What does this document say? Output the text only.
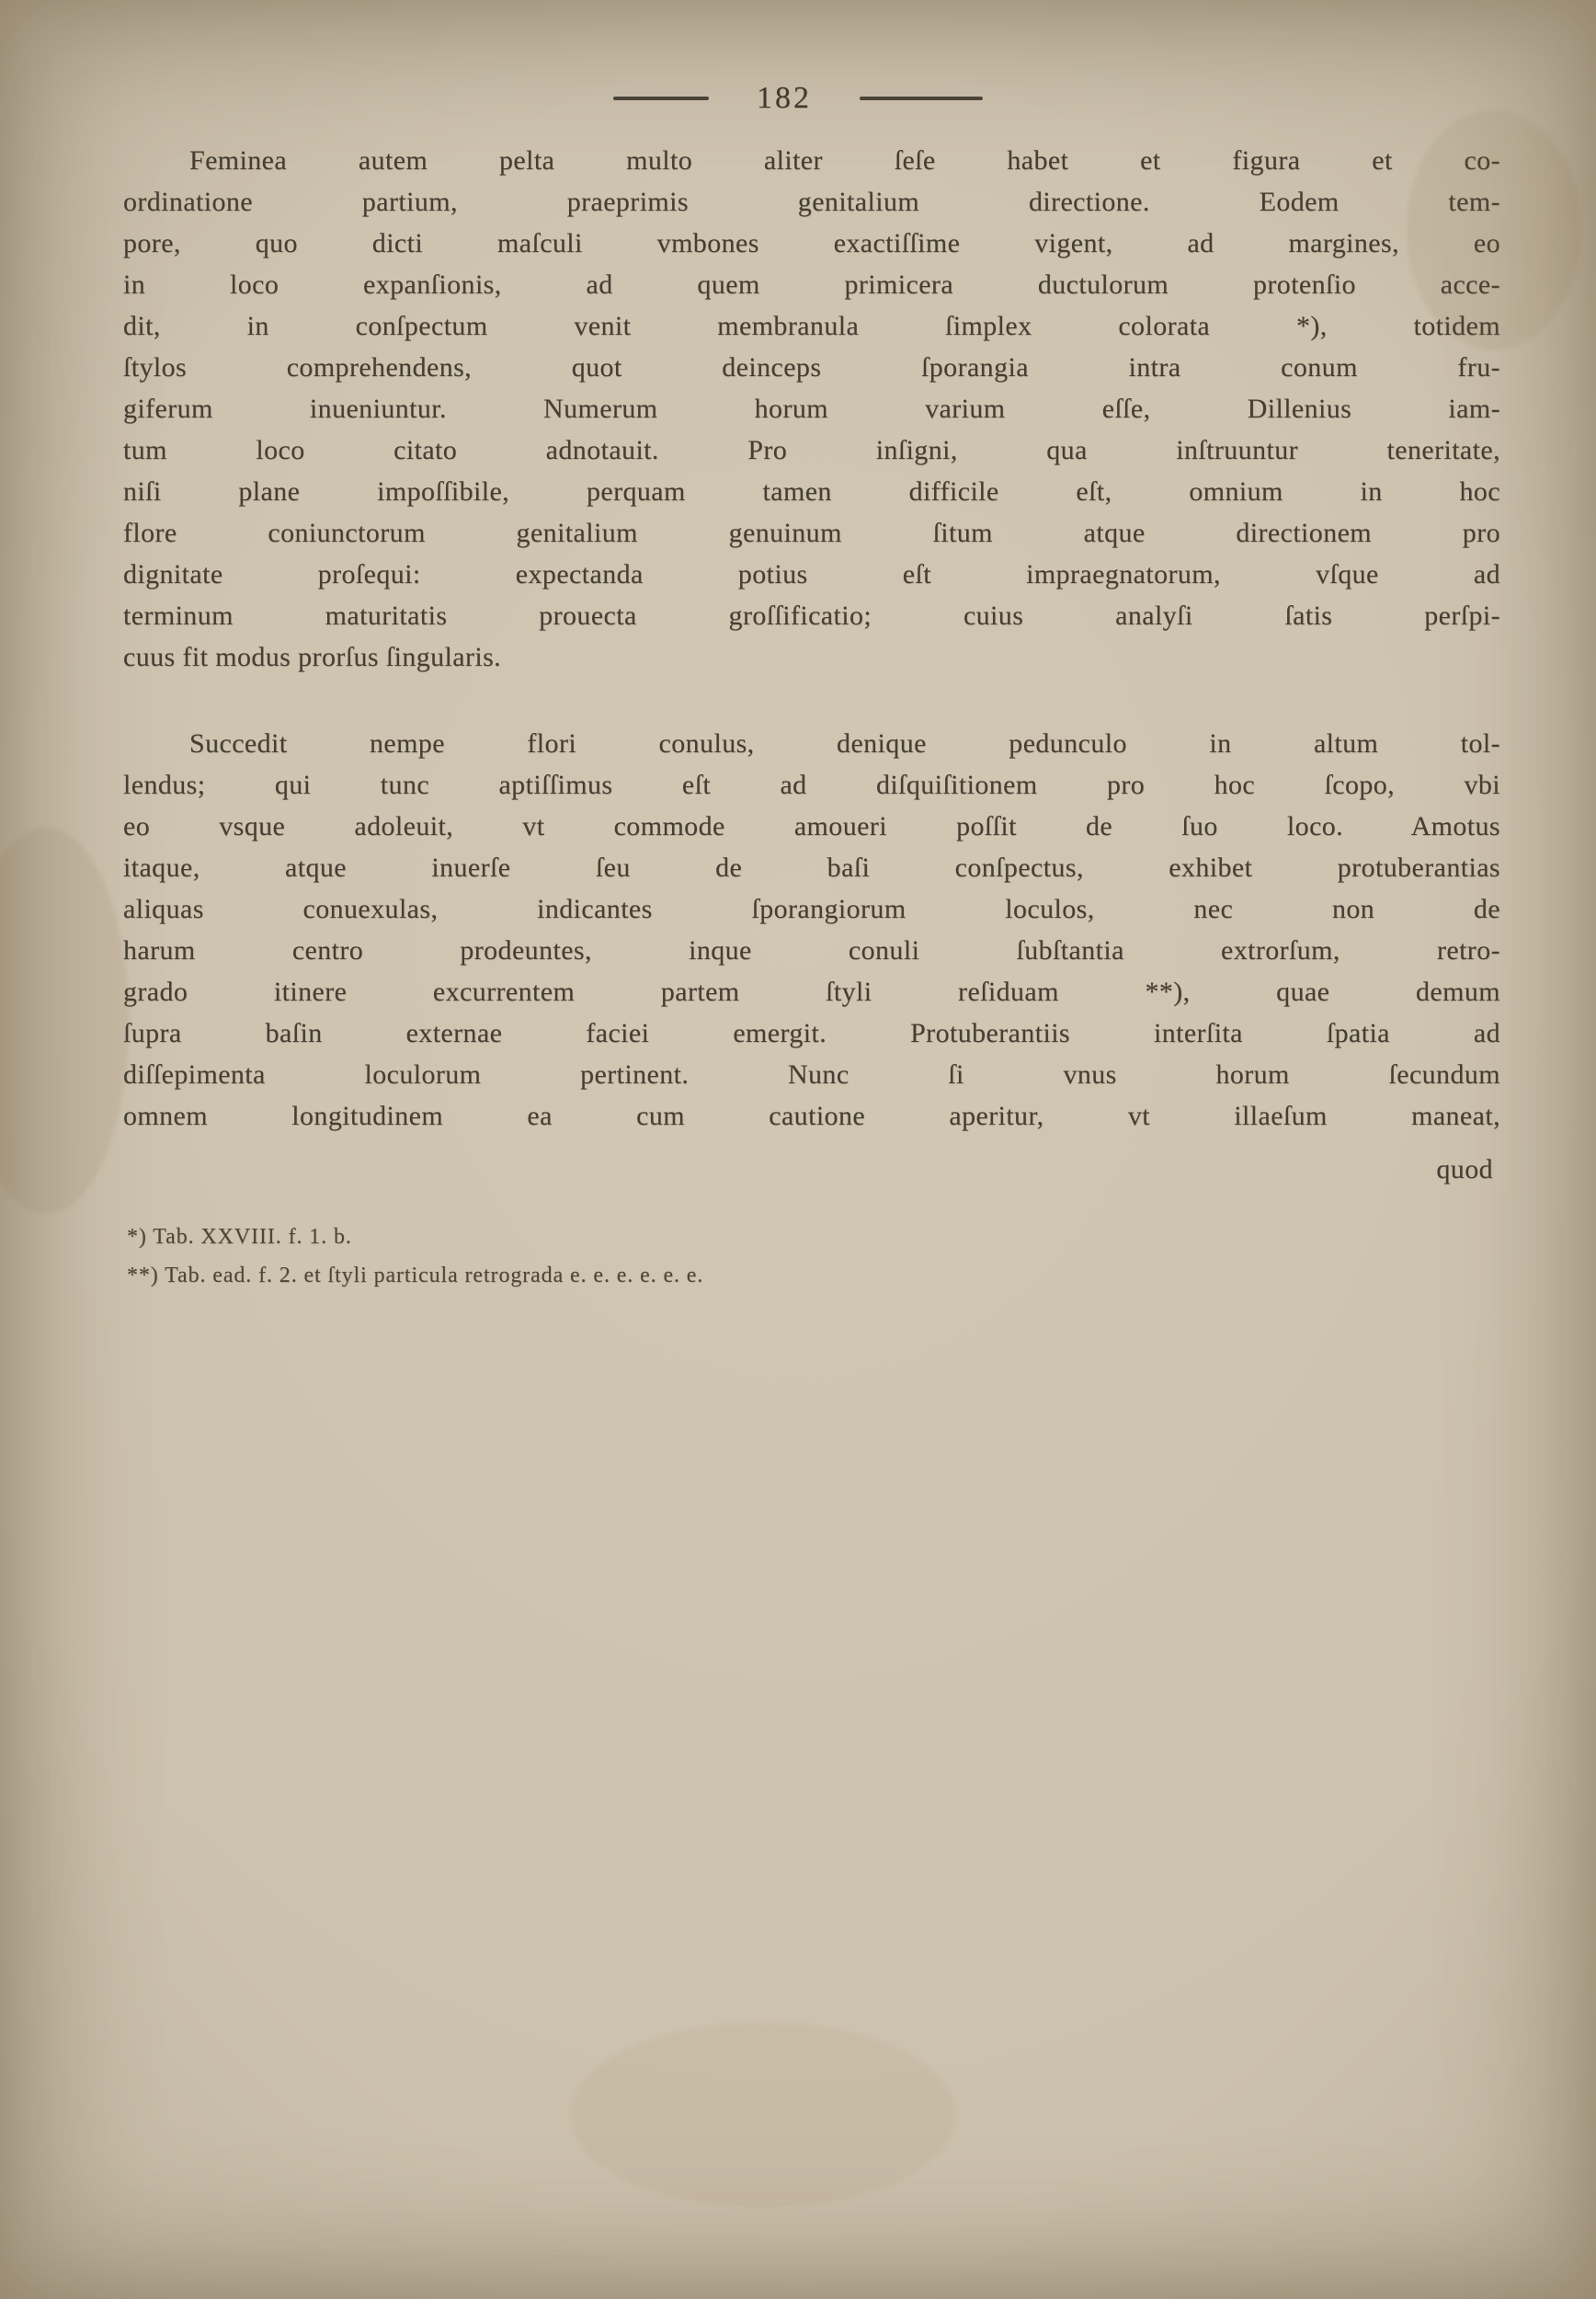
182
Feminea autem pelta multo aliter ſeſe habet et figura et co-
ordinatione partium, praeprimis genitalium directione. Eodem tem-
pore, quo dicti maſculi vmbones exactiſſime vigent, ad margines, eo
in loco expanſionis, ad quem primicera ductulorum protenſio acce-
dit, in conſpectum venit membranula ſimplex colorata *), totidem
ſtylos comprehendens, quot deinceps ſporangia intra conum fru-
giferum inueniuntur. Numerum horum varium eſſe, Dillenius iam-
tum loco citato adnotauit. Pro inſigni, qua inſtruuntur teneritate,
niſi plane impoſſibile, perquam tamen difficile eſt, omnium in hoc
flore coniunctorum genitalium genuinum ſitum atque directionem pro
dignitate proſequi: expectanda potius eſt impraegnatorum, vſque ad
terminum maturitatis prouecta groſſificatio; cuius analyſi ſatis perſpi-
cuus fit modus prorſus ſingularis.
Succedit nempe flori conulus, denique pedunculo in altum tol-
lendus; qui tunc aptiſſimus eſt ad diſquiſitionem pro hoc ſcopo, vbi
eo vsque adoleuit, vt commode amoueri poſſit de ſuo loco. Amotus
itaque, atque inuerſe ſeu de baſi conſpectus, exhibet protuberantias
aliquas conuexulas, indicantes ſporangiorum loculos, nec non de
harum centro prodeuntes, inque conuli ſubſtantia extrorſum, retro-
grado itinere excurrentem partem ſtyli reſiduam **), quae demum
ſupra baſin externae faciei emergit. Protuberantiis interſita ſpatia ad
diſſepimenta loculorum pertinent. Nunc ſi vnus horum ſecundum
omnem longitudinem ea cum cautione aperitur, vt illaeſum maneat,
quod
*) Tab. XXVIII. f. 1. b.
**) Tab. ead. f. 2. et ſtyli particula retrograda e. e. e. e. e. e.
